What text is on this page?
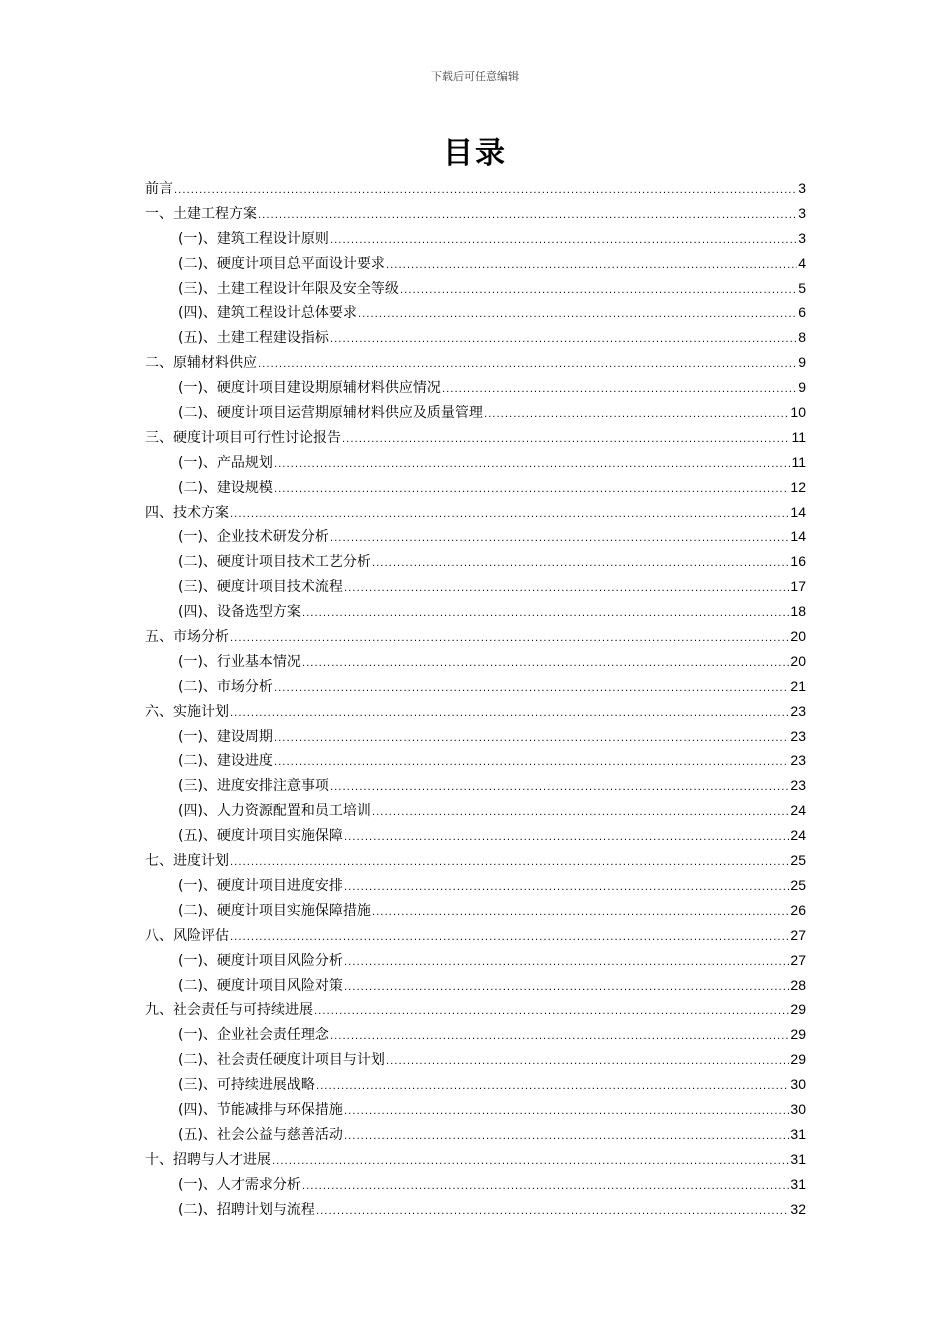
下载后可任意编辑
目录
前言 .....	3
一、土建工程方案 .....	3
(一)、建筑工程设计原则 .....	3
(二)、硬度计项目总平面设计要求 .....	4
(三)、土建工程设计年限及安全等级 .....	5
(四)、建筑工程设计总体要求 .....	6
(五)、土建工程建设指标 .....	8
二、原辅材料供应 .....	9
(一)、硬度计项目建设期原辅材料供应情况 .....	9
(二)、硬度计项目运营期原辅材料供应及质量管理 .....	10
三、硬度计项目可行性讨论报告 .....	11
(一)、产品规划 .....	11
(二)、建设规模 .....	12
四、技术方案 .....	14
(一)、企业技术研发分析 .....	14
(二)、硬度计项目技术工艺分析 .....	16
(三)、硬度计项目技术流程 .....	17
(四)、设备选型方案 .....	18
五、市场分析 .....	20
(一)、行业基本情况 .....	20
(二)、市场分析 .....	21
六、实施计划 .....	23
(一)、建设周期 .....	23
(二)、建设进度 .....	23
(三)、进度安排注意事项 .....	23
(四)、人力资源配置和员工培训 .....	24
(五)、硬度计项目实施保障 .....	24
七、进度计划 .....	25
(一)、硬度计项目进度安排 .....	25
(二)、硬度计项目实施保障措施 .....	26
八、风险评估 .....	27
(一)、硬度计项目风险分析 .....	27
(二)、硬度计项目风险对策 .....	28
九、社会责任与可持续进展 .....	29
(一)、企业社会责任理念 .....	29
(二)、社会责任硬度计项目与计划 .....	29
(三)、可持续进展战略 .....	30
(四)、节能减排与环保措施 .....	30
(五)、社会公益与慈善活动 .....	31
十、招聘与人才进展 .....	31
(一)、人才需求分析 .....	31
(二)、招聘计划与流程 .....	32
